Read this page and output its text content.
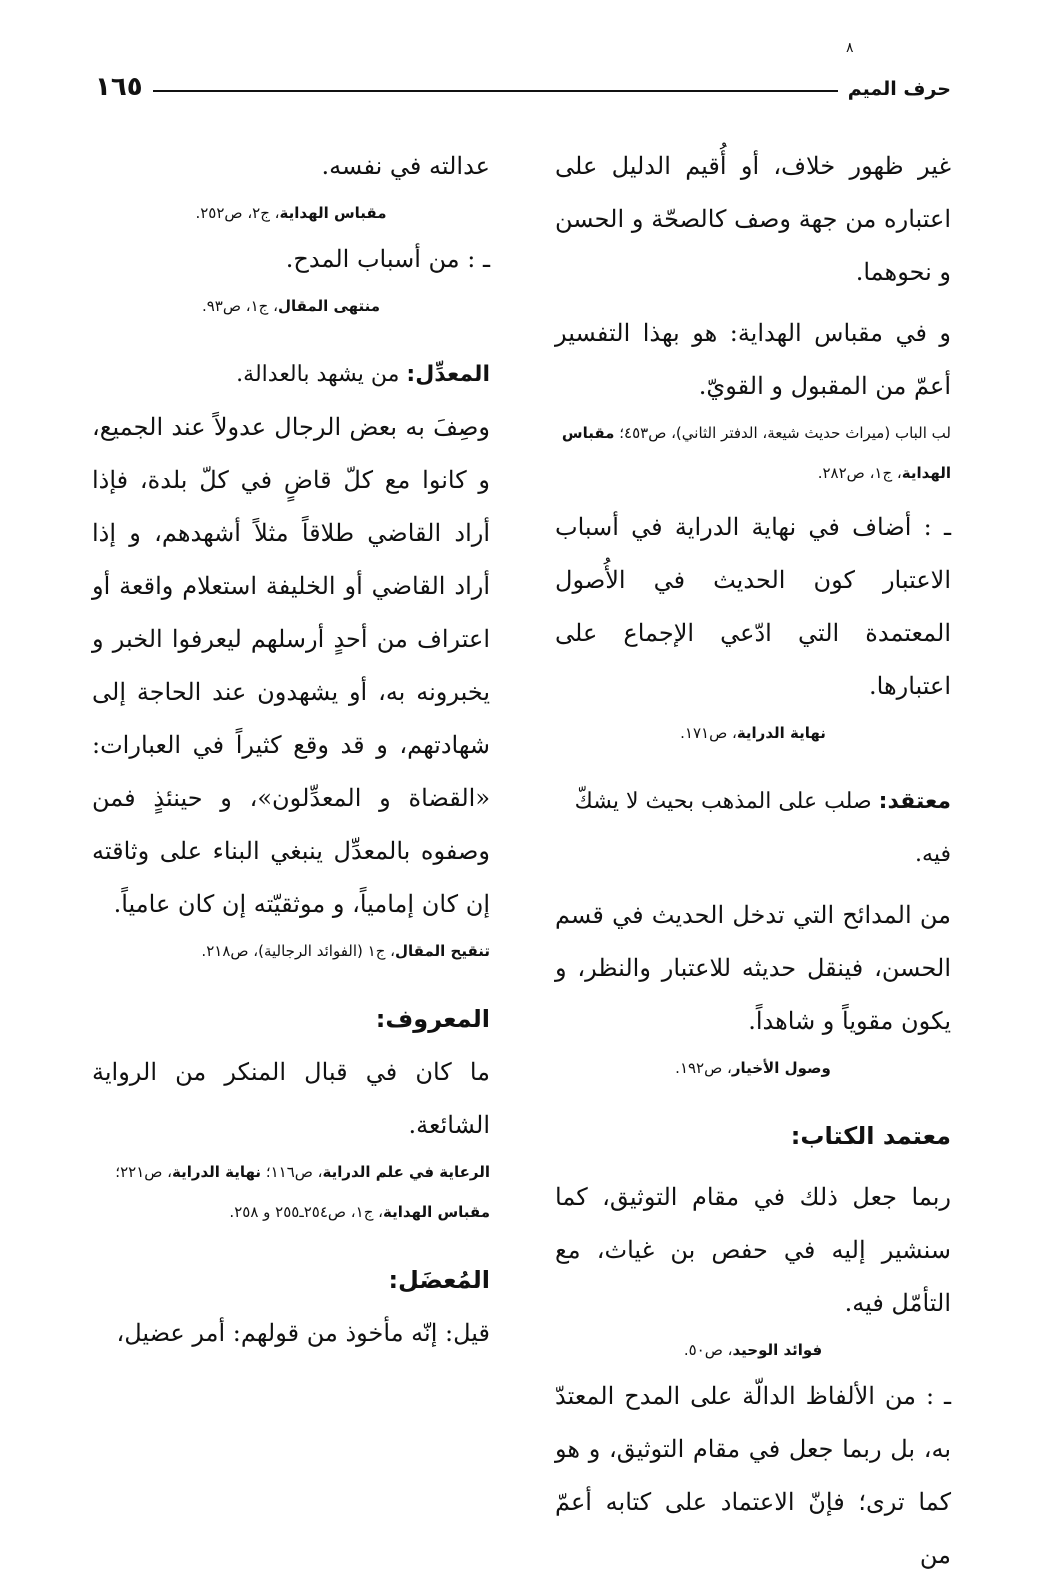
٨
حرف الميم
١٦٥

غير ظهور خلاف، أو أُقيم الدليل على اعتباره من جهة وصف كالصحّة و الحسن و نحوهما.

و في مقباس الهداية: هو بهذا التفسير أعمّ من المقبول و القويّ.

لب الباب (ميراث حديث شيعة، الدفتر الثاني)، ص٤٥٣؛ مقباس الهداية، ج١، ص٢٨٢.

ـ : أضاف في نهاية الدراية في أسباب الاعتبار كون الحديث في الأُصول المعتمدة التي ادّعي الإجماع على اعتبارها.

نهاية الدراية، ص١٧١.

معتقد: صلب على المذهب بحيث لا يشكّ فيه.

من المدائح التي تدخل الحديث في قسم الحسن، فينقل حديثه للاعتبار والنظر، و يكون مقوياً و شاهداً.

وصول الأخيار، ص١٩٢.

معتمد الكتاب:

ربما جعل ذلك في مقام التوثيق، كما سنشير إليه في حفص بن غياث، مع التأمّل فيه.

فوائد الوحيد، ص٥٠.

ـ : من الألفاظ الدالّة على المدح المعتدّ به، بل ربما جعل في مقام التوثيق، و هو كما ترى؛ فإنّ الاعتماد على كتابه أعمّ من

عدالته في نفسه.

مقباس الهداية، ج٢، ص٢٥٢.

ـ : من أسباب المدح.

منتهى المقال، ج١، ص٩٣.

المعدِّل: من يشهد بالعدالة.

وصِفَ به بعض الرجال عدولاً عند الجميع، و كانوا مع كلّ قاضٍ في كلّ بلدة، فإذا أراد القاضي طلاقاً مثلاً أشهدهم، و إذا أراد القاضي أو الخليفة استعلام واقعة أو اعتراف من أحدٍ أرسلهم ليعرفوا الخبر و يخبرونه به، أو يشهدون عند الحاجة إلى شهادتهم، و قد وقع كثيراً في العبارات: «القضاة و المعدِّلون»، و حينئذٍ فمن وصفوه بالمعدِّل ينبغي البناء على وثاقته إن كان إمامياً، و موثقيّته إن كان عامياً.

تنقيح المقال، ج١ (الفوائد الرجالية)، ص٢١٨.

المعروف:

ما كان في قبال المنكر من الرواية الشائعة.

الرعاية في علم الدراية، ص١١٦؛ نهاية الدراية، ص٢٢١؛ مقباس الهداية، ج١، ص٢٥٤ـ٢٥٥ و ٢٥٨.

المُعضَل:

قيل: إنّه مأخوذ من قولهم: أمر عضيل،
